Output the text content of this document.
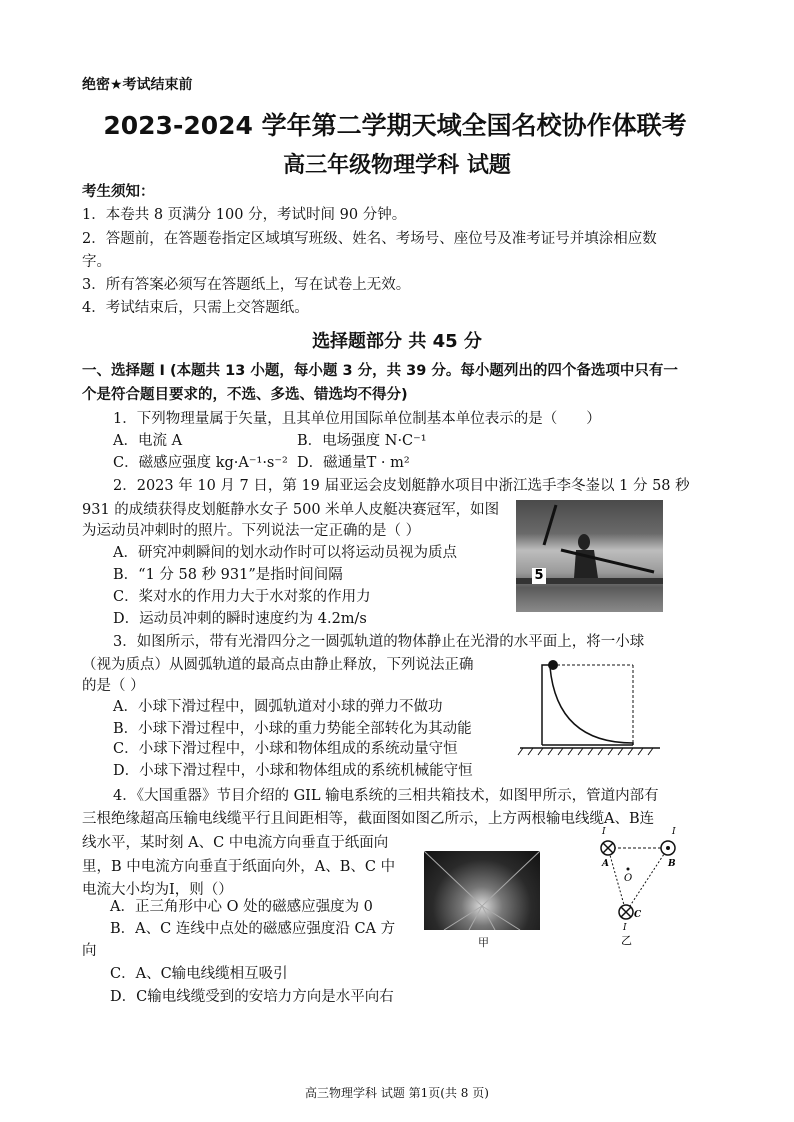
绝密★考试结束前
2023-2024 学年第二学期天域全国名校协作体联考
高三年级物理学科 试题
考生须知：
1．本卷共 8 页满分 100 分，考试时间 90 分钟。
2．答题前，在答题卷指定区域填写班级、姓名、考场号、座位号及准考证号并填涂相应数
字。
3．所有答案必须写在答题纸上，写在试卷上无效。
4．考试结束后，只需上交答题纸。
选择题部分 共 45 分
一、选择题 I (本题共 13 小题，每小题 3 分，共 39 分。每小题列出的四个备选项中只有一
个是符合题目要求的，不选、多选、错选均不得分)
1．下列物理量属于矢量，且其单位用国际单位制基本单位表示的是（　　）
A．电流 A	B．电场强度 N·C⁻¹
C．磁感应强度 kg·A⁻¹·s⁻² D．磁通量T · m²
2．2023 年 10 月 7 日，第 19 届亚运会皮划艇静水项目中浙江选手李冬崟以 1 分 58 秒
931 的成绩获得皮划艇静水女子 500 米单人皮艇决赛冠军，如图
为运动员冲刺时的照片。下列说法一定正确的是（ ）
A．研究冲刺瞬间的划水动作时可以将运动员视为质点
B．“1 分 58 秒 931”是指时间间隔
C．桨对水的作用力大于水对浆的作用力
D．运动员冲刺的瞬时速度约为 4.2m/s
5
3．如图所示，带有光滑四分之一圆弧轨道的物体静止在光滑的水平面上，将一小球
（视为质点）从圆弧轨道的最高点由静止释放，下列说法正确
的是（ ）
A．小球下滑过程中，圆弧轨道对小球的弹力不做功
B．小球下滑过程中，小球的重力势能全部转化为其动能
C．小球下滑过程中，小球和物体组成的系统动量守恒
D．小球下滑过程中，小球和物体组成的系统机械能守恒
4．《大国重器》节目介绍的 GIL 输电系统的三相共箱技术，如图甲所示，管道内部有
三根绝缘超高压输电线缆平行且间距相等，截面图如图乙所示，上方两根输电线缆A、B连
线水平，某时刻 A、C 中电流方向垂直于纸面向
里，B 中电流方向垂直于纸面向外，A、B、C 中
电流大小均为I，则（）
A．正三角形中心 O 处的磁感应强度为 0
B．A、C 连线中点处的磁感应强度沿 CA 方
向
C．A、C输电线缆相互吸引
D．C输电线缆受到的安培力方向是水平向右
甲
I	I
A	B
O
C
I
乙
高三物理学科 试题 第1页(共 8 页)
